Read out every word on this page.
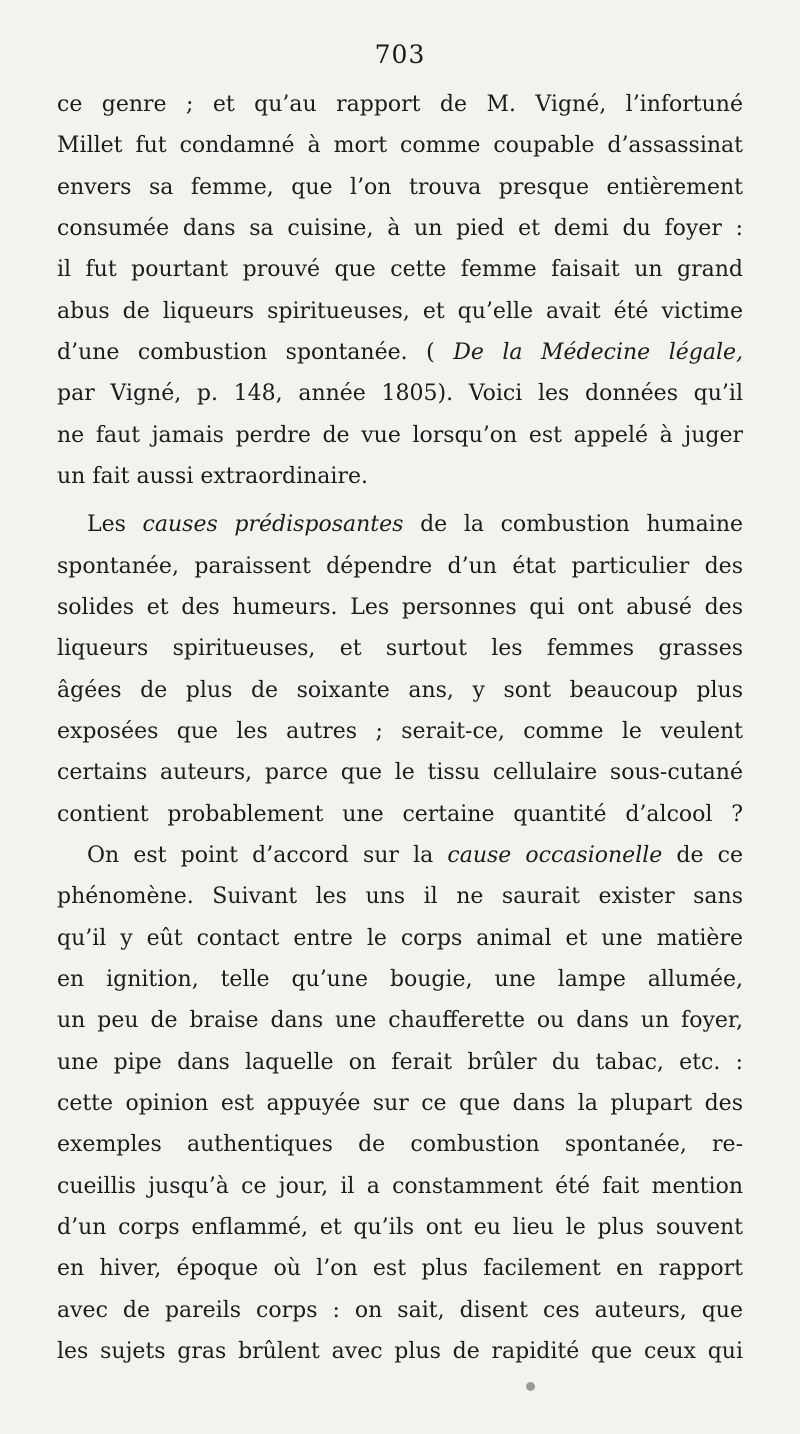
703
ce genre ; et qu’au rapport de M. Vigné, l’infortuné
Millet fut condamné à mort comme coupable d’assassinat
envers sa femme, que l’on trouva presque entièrement
consumée dans sa cuisine, à un pied et demi du foyer :
il fut pourtant prouvé que cette femme faisait un grand
abus de liqueurs spiritueuses, et qu’elle avait été victime
d’une combustion spontanée. ( De la Médecine légale,
par Vigné, p. 148, année 1805). Voici les données qu’il
ne faut jamais perdre de vue lorsqu’on est appelé à juger
un fait aussi extraordinaire.
Les causes prédisposantes de la combustion humaine
spontanée, paraissent dépendre d’un état particulier des
solides et des humeurs. Les personnes qui ont abusé des
liqueurs spiritueuses, et surtout les femmes grasses
âgées de plus de soixante ans, y sont beaucoup plus
exposées que les autres ; serait-ce, comme le veulent
certains auteurs, parce que le tissu cellulaire sous-cutané
contient probablement une certaine quantité d’alcool ?
On est point d’accord sur la cause occasionelle de ce
phénomène. Suivant les uns il ne saurait exister sans
qu’il y eût contact entre le corps animal et une matière
en ignition, telle qu’une bougie, une lampe allumée,
un peu de braise dans une chaufferette ou dans un foyer,
une pipe dans laquelle on ferait brûler du tabac, etc. :
cette opinion est appuyée sur ce que dans la plupart des
exemples authentiques de combustion spontanée, re-
cueillis jusqu’à ce jour, il a constamment été fait mention
d’un corps enflammé, et qu’ils ont eu lieu le plus souvent
en hiver, époque où l’on est plus facilement en rapport
avec de pareils corps : on sait, disent ces auteurs, que
les sujets gras brûlent avec plus de rapidité que ceux qui
